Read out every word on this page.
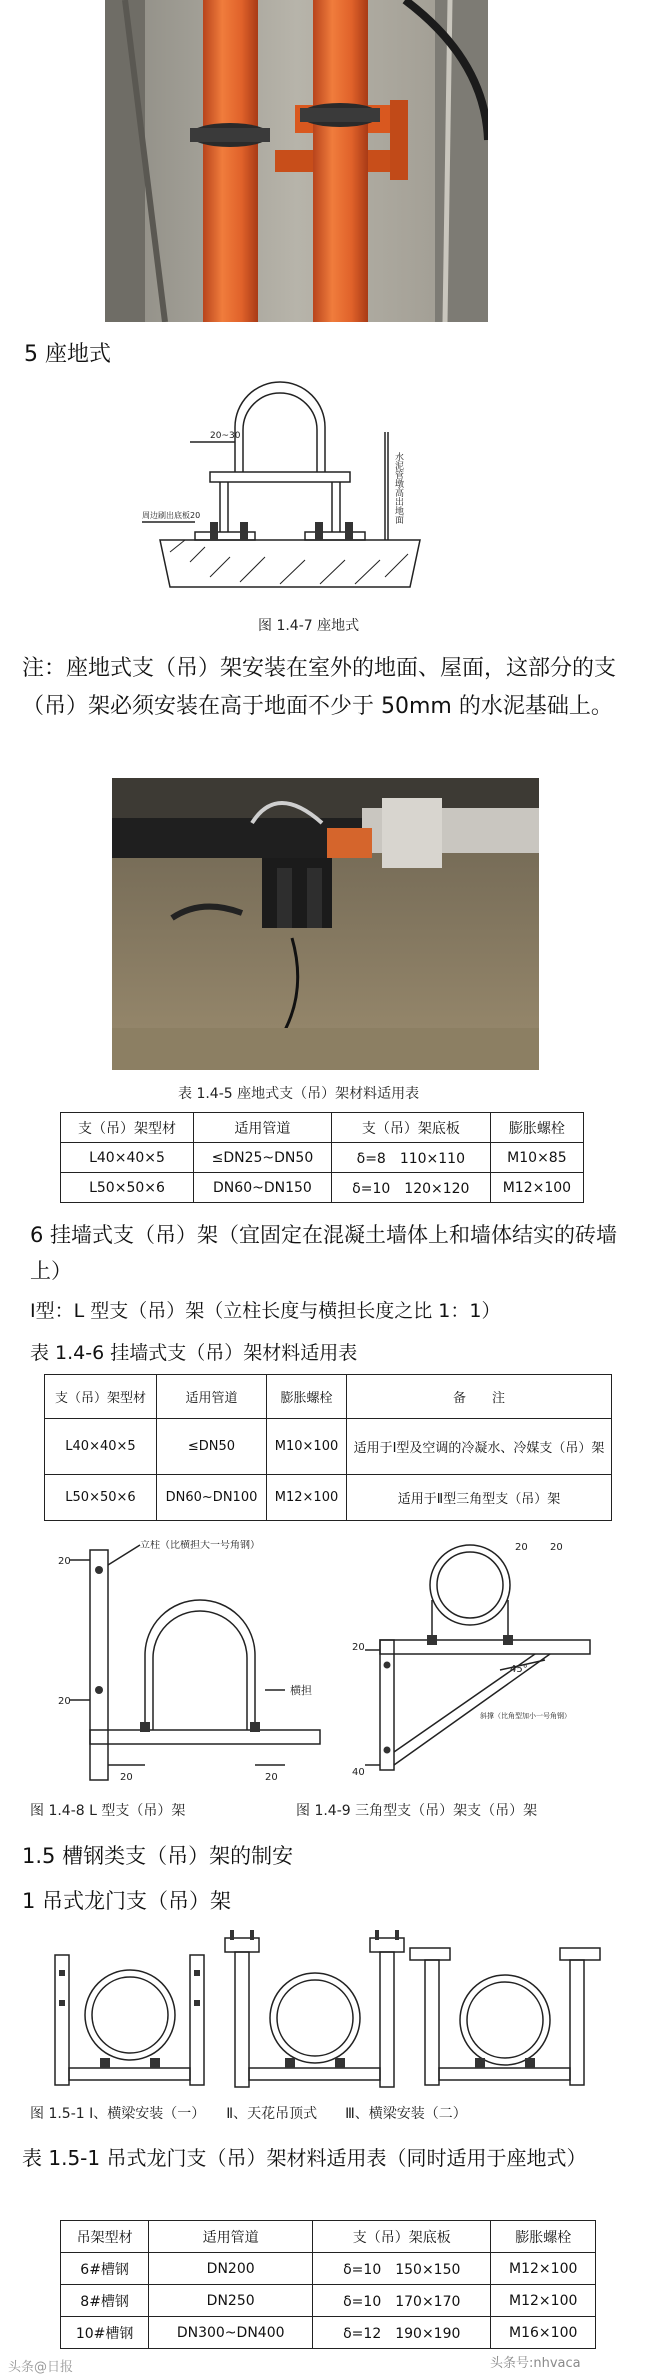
5 座地式
20~30
周边刷出底板20	水泥管墩高出地面
图 1.4-7 座地式
注：座地式支（吊）架安装在室外的地面、屋面，这部分的支（吊）架必须安装在高于地面不少于 50mm 的水泥基础上。
表 1.4-5 座地式支（吊）架材料适用表
支（吊）架型材	适用管道	支（吊）架底板	膨胀螺栓
L40×40×5	≤DN25~DN50	δ=8　110×110	M10×85
L50×50×6	DN60~DN150	δ=10　120×120	M12×100
6 挂墙式支（吊）架（宜固定在混凝土墙体上和墙体结实的砖墙上）
Ⅰ型：L 型支（吊）架（立柱长度与横担长度之比 1：1）
表 1.4-6 挂墙式支（吊）架材料适用表
支（吊）架型材	适用管道	膨胀螺栓	备　　注
L40×40×5	≤DN50	M10×100	适用于Ⅰ型及空调的冷凝水、冷媒支（吊）架
L50×50×6	DN60~DN100	M12×100	适用于Ⅱ型三角型支（吊）架
立柱（比横担大一号角钢）
横担
20
20
20	20
45°
斜撑（比角型加小一号角钢）
20
40
20 20
图 1.4-8 L 型支（吊）架	图 1.4-9 三角型支（吊）架支（吊）架
1.5 槽钢类支（吊）架的制安
1 吊式龙门支（吊）架
图 1.5-1 Ⅰ、横梁安装（一）　　Ⅱ、天花吊顶式　　Ⅲ、横梁安装（二）
表 1.5-1 吊式龙门支（吊）架材料适用表（同时适用于座地式）
吊架型材	适用管道	支（吊）架底板	膨胀螺栓
6#槽钢	DN200	δ=10　150×150	M12×100
8#槽钢	DN250	δ=10　170×170	M12×100
10#槽钢	DN300~DN400	δ=12　190×190	M16×100
头条@日报	头条号:nhvaca
